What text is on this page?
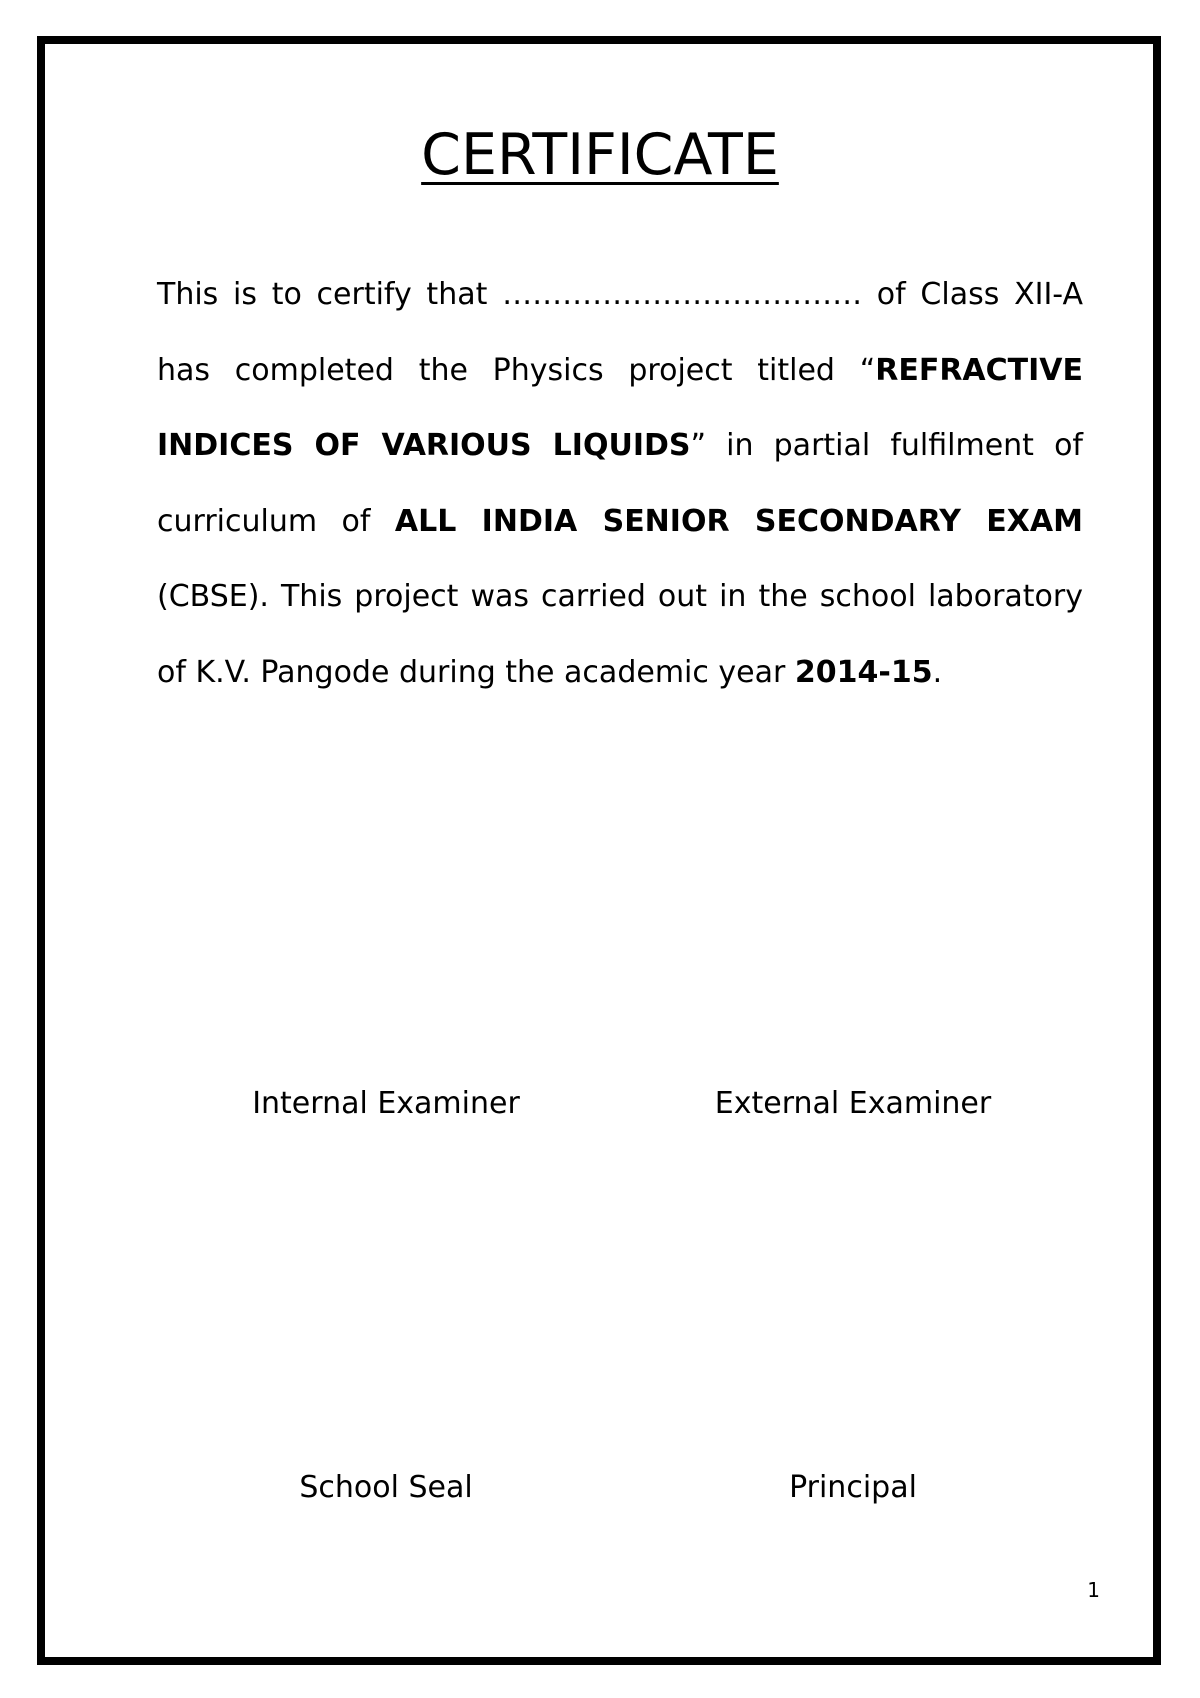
CERTIFICATE
This is to certify that ……………………………… of Class XII-A has completed the Physics project titled “REFRACTIVE INDICES OF VARIOUS LIQUIDS” in partial fulfilment of curriculum of ALL INDIA SENIOR SECONDARY EXAM (CBSE). This project was carried out in the school laboratory of K.V. Pangode during the academic year 2014-15.
Internal Examiner	External Examiner
School Seal	Principal
1
